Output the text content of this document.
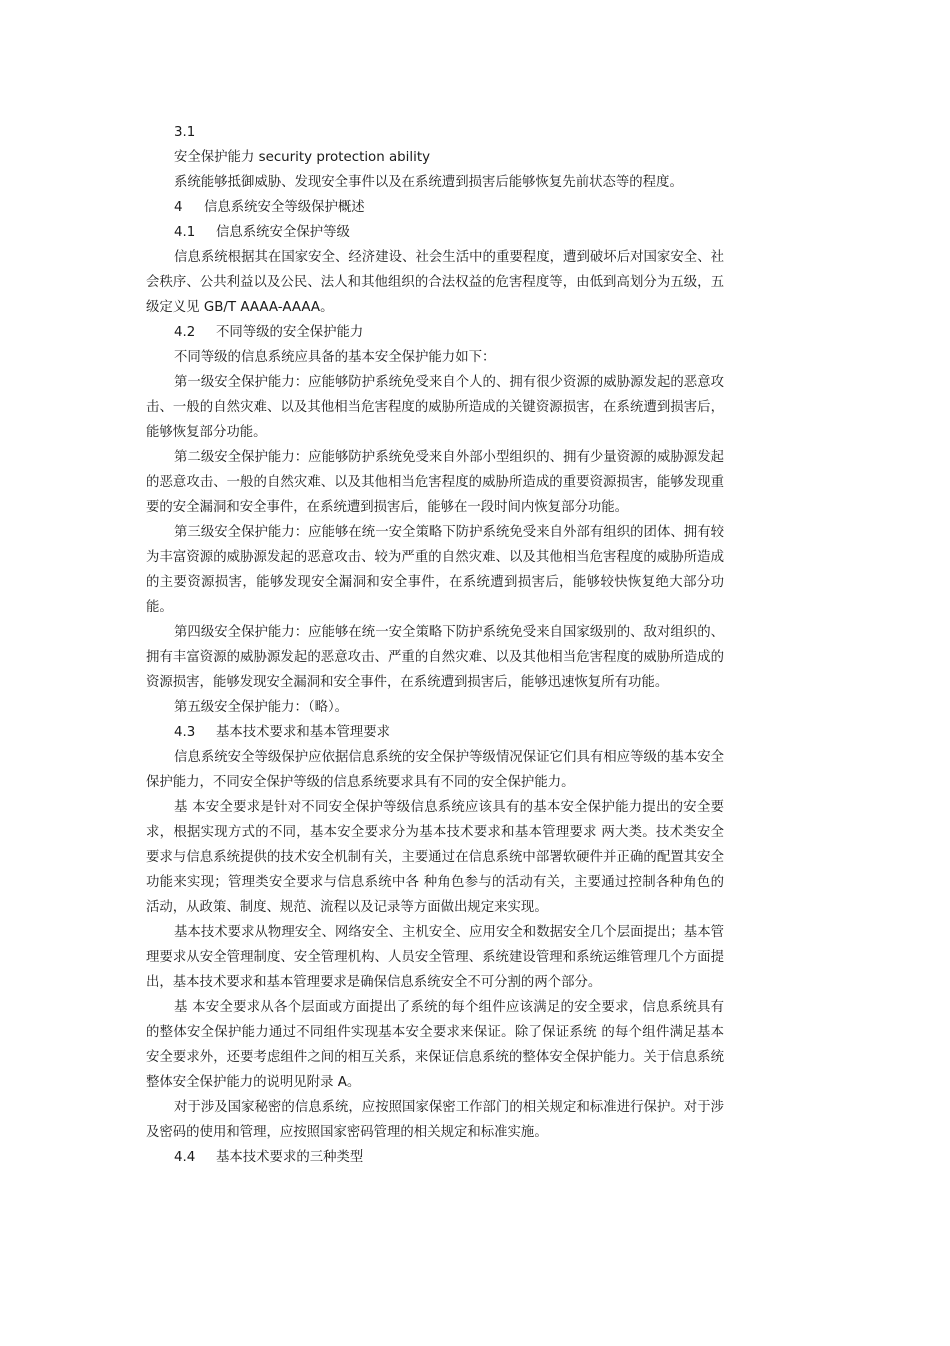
3.1

安全保护能力 security protection ability

系统能够抵御威胁、发现安全事件以及在系统遭到损害后能够恢复先前状态等的程度。

4 信息系统安全等级保护概述

4.1 信息系统安全保护等级

信息系统根据其在国家安全、经济建设、社会生活中的重要程度，遭到破坏后对国家安全、社会秩序、公共利益以及公民、法人和其他组织的合法权益的危害程度等，由低到高划分为五级，五级定义见 GB/T AAAA-AAAA。

4.2 不同等级的安全保护能力

不同等级的信息系统应具备的基本安全保护能力如下：

第一级安全保护能力：应能够防护系统免受来自个人的、拥有很少资源的威胁源发起的恶意攻击、一般的自然灾难、以及其他相当危害程度的威胁所造成的关键资源损害，在系统遭到损害后，能够恢复部分功能。

第二级安全保护能力：应能够防护系统免受来自外部小型组织的、拥有少量资源的威胁源发起的恶意攻击、一般的自然灾难、以及其他相当危害程度的威胁所造成的重要资源损害，能够发现重要的安全漏洞和安全事件，在系统遭到损害后，能够在一段时间内恢复部分功能。

第三级安全保护能力：应能够在统一安全策略下防护系统免受来自外部有组织的团体、拥有较为丰富资源的威胁源发起的恶意攻击、较为严重的自然灾难、以及其他相当危害程度的威胁所造成的主要资源损害，能够发现安全漏洞和安全事件，在系统遭到损害后，能够较快恢复绝大部分功能。

第四级安全保护能力：应能够在统一安全策略下防护系统免受来自国家级别的、敌对组织的、拥有丰富资源的威胁源发起的恶意攻击、严重的自然灾难、以及其他相当危害程度的威胁所造成的资源损害，能够发现安全漏洞和安全事件，在系统遭到损害后，能够迅速恢复所有功能。

第五级安全保护能力：（略）。

4.3 基本技术要求和基本管理要求

信息系统安全等级保护应依据信息系统的安全保护等级情况保证它们具有相应等级的基本安全保护能力，不同安全保护等级的信息系统要求具有不同的安全保护能力。

基 本安全要求是针对不同安全保护等级信息系统应该具有的基本安全保护能力提出的安全要求，根据实现方式的不同，基本安全要求分为基本技术要求和基本管理要求 两大类。技术类安全要求与信息系统提供的技术安全机制有关，主要通过在信息系统中部署软硬件并正确的配置其安全功能来实现；管理类安全要求与信息系统中各 种角色参与的活动有关，主要通过控制各种角色的活动，从政策、制度、规范、流程以及记录等方面做出规定来实现。

基本技术要求从物理安全、网络安全、主机安全、应用安全和数据安全几个层面提出；基本管理要求从安全管理制度、安全管理机构、人员安全管理、系统建设管理和系统运维管理几个方面提出，基本技术要求和基本管理要求是确保信息系统安全不可分割的两个部分。

基 本安全要求从各个层面或方面提出了系统的每个组件应该满足的安全要求，信息系统具有的整体安全保护能力通过不同组件实现基本安全要求来保证。除了保证系统 的每个组件满足基本安全要求外，还要考虑组件之间的相互关系，来保证信息系统的整体安全保护能力。关于信息系统整体安全保护能力的说明见附录 A。

对于涉及国家秘密的信息系统，应按照国家保密工作部门的相关规定和标准进行保护。对于涉及密码的使用和管理，应按照国家密码管理的相关规定和标准实施。

4.4 基本技术要求的三种类型
